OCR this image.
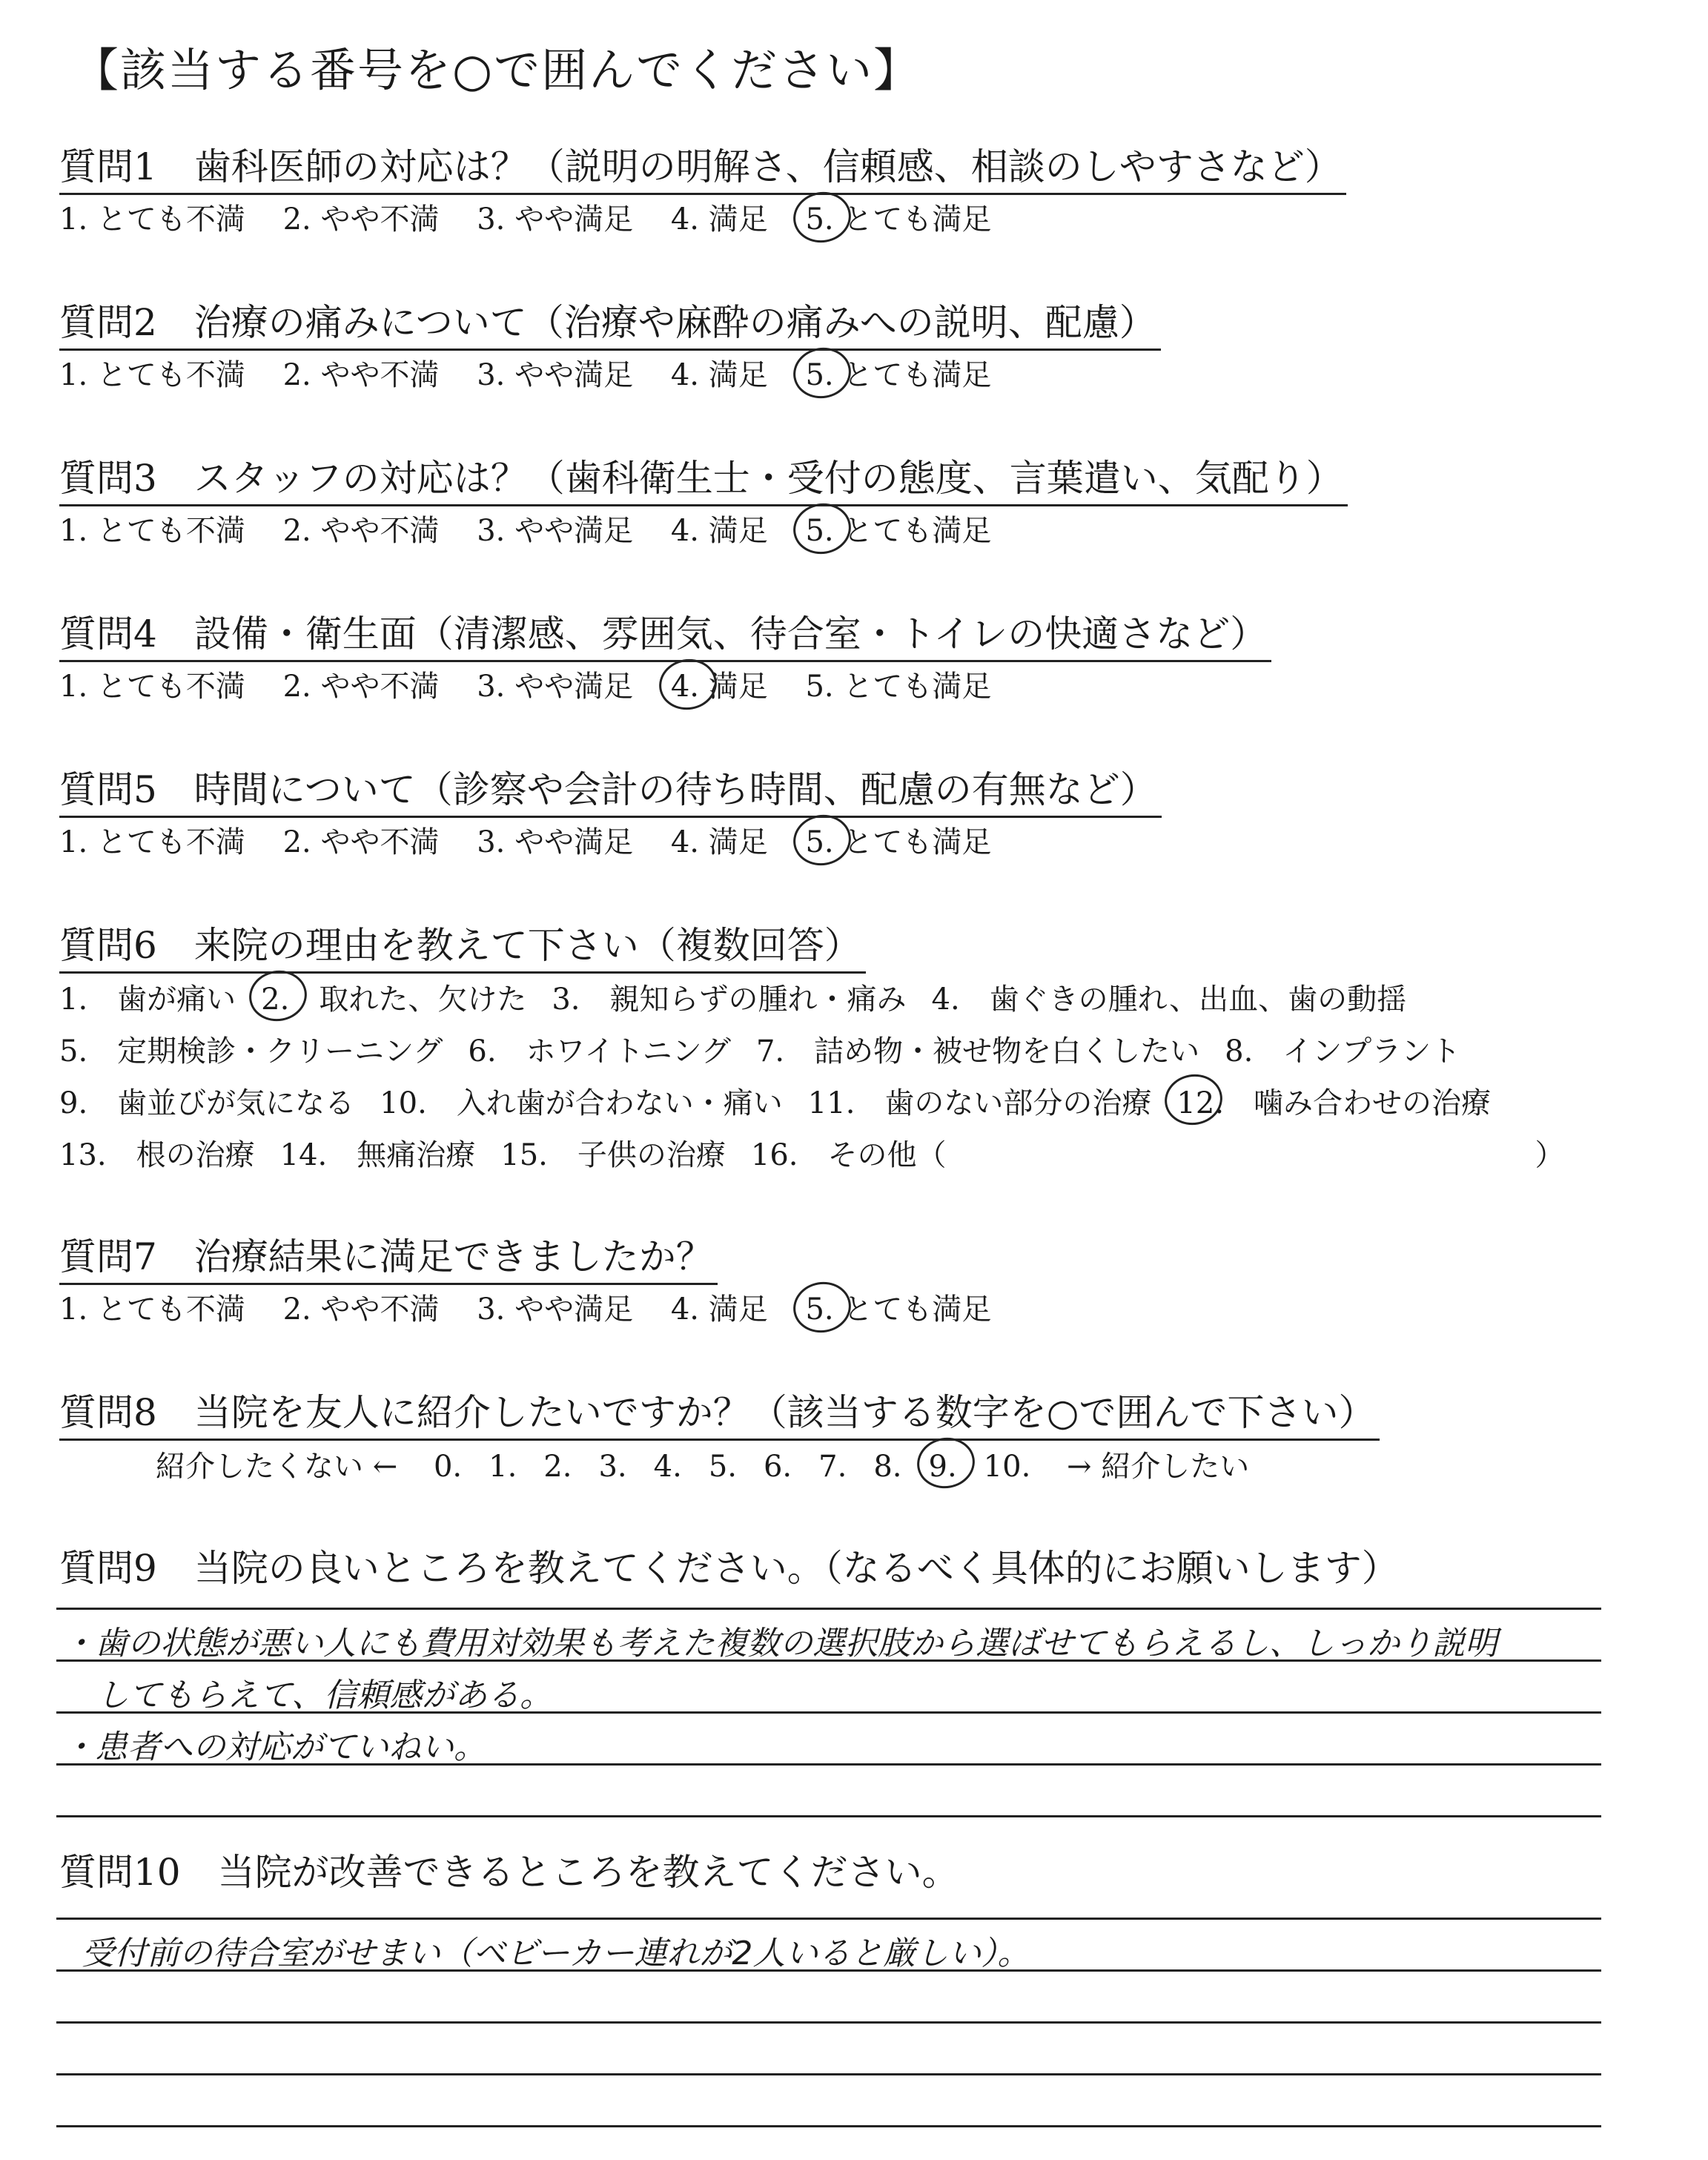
【該当する番号を○で囲んでください】
質問1　歯科医師の対応は？（説明の明解さ、信頼感、相談のしやすさなど）
1. とても不満 2. やや不満 3. やや満足 4. 満足 5. とても満足
質問2　治療の痛みについて（治療や麻酔の痛みへの説明、配慮）
1. とても不満 2. やや不満 3. やや満足 4. 満足 5. とても満足
質問3　スタッフの対応は？（歯科衛生士・受付の態度、言葉遣い、気配り）
1. とても不満 2. やや不満 3. やや満足 4. 満足 5. とても満足
質問4　設備・衛生面（清潔感、雰囲気、待合室・トイレの快適さなど）
1. とても不満 2. やや不満 3. やや満足 4. 満足 5. とても満足
質問5　時間について（診察や会計の待ち時間、配慮の有無など）
1. とても不満 2. やや不満 3. やや満足 4. 満足 5. とても満足
質問6　来院の理由を教えて下さい（複数回答）
1.　歯が痛い 2.　取れた、欠けた 3.　親知らずの腫れ・痛み 4.　歯ぐきの腫れ、出血、歯の動揺
5.　定期検診・クリーニング 6.　ホワイトニング 7.　詰め物・被せ物を白くしたい 8.　インプラント
9.　歯並びが気になる 10.　入れ歯が合わない・痛い 11.　歯のない部分の治療 12.　噛み合わせの治療
13.　根の治療 14.　無痛治療 15.　子供の治療 16.　その他（	）
質問7　治療結果に満足できましたか？
1. とても不満 2. やや不満 3. やや満足 4. 満足 5. とても満足
質問8　当院を友人に紹介したいですか？（該当する数字を○で囲んで下さい）
紹介したくない ← 0. 1. 2. 3. 4. 5. 6. 7. 8. 9. 10. → 紹介したい
質問9　当院の良いところを教えてください。（なるべく具体的にお願いします）
・歯の状態が悪い人にも費用対効果も考えた複数の選択肢から選ばせてもらえるし、しっかり説明
してもらえて、信頼感がある。
・患者への対応がていねい。
質問10　当院が改善できるところを教えてください。
受付前の待合室がせまい（ベビーカー連れが2人いると厳しい）。
